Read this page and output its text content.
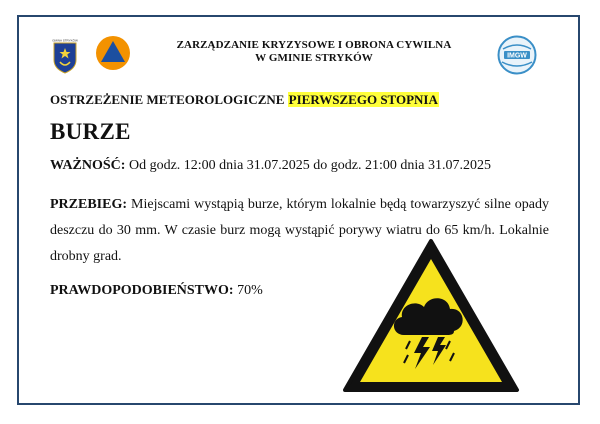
GMINA STRYKÓW	ZARZĄDZANIE KRYZYSOWE I OBRONA CYWILNA
W GMINIE STRYKÓW	IMGW
OSTRZEŻENIE METEOROLOGICZNE PIERWSZEGO STOPNIA
BURZE
WAŻNOŚĆ: Od godz. 12:00 dnia 31.07.2025 do godz. 21:00 dnia 31.07.2025
PRZEBIEG: Miejscami wystąpią burze, którym lokalnie będą towarzyszyć silne opady deszczu do 30 mm. W czasie burz mogą wystąpić porywy wiatru do 65 km/h. Lokalnie drobny grad.
PRAWDOPODOBIEŃSTWO: 70%
